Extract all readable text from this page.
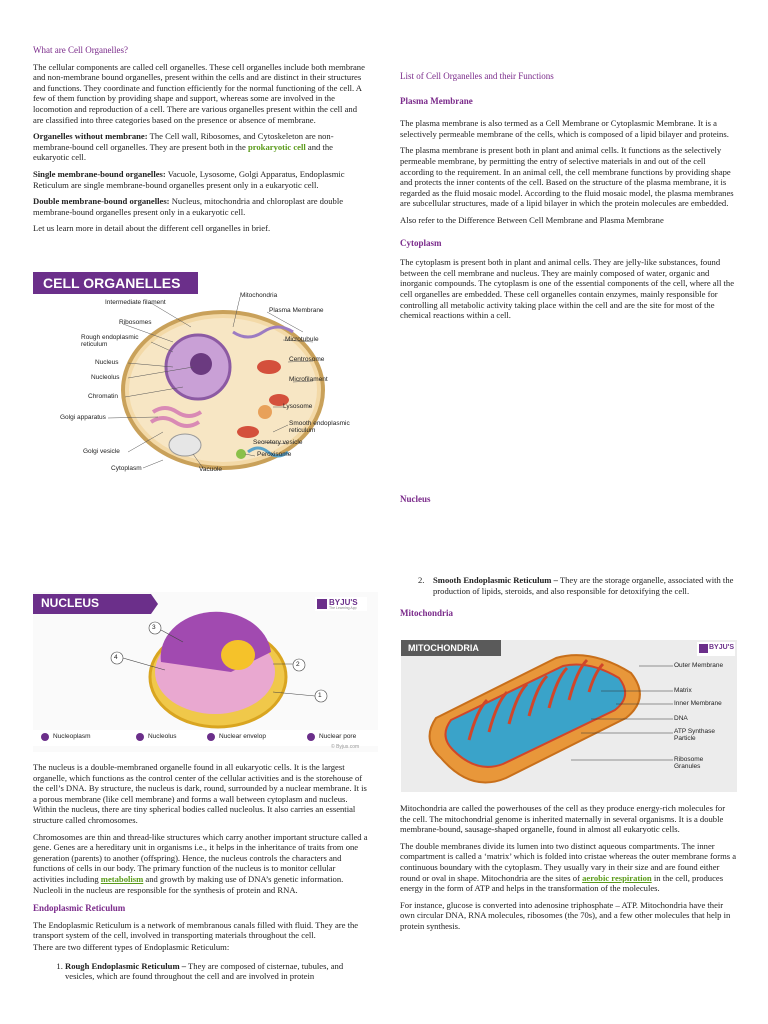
What are Cell Organelles?

The cellular components are called cell organelles. These cell organelles include both membrane and non-membrane bound organelles, present within the cells and are distinct in their structures and functions. They coordinate and function efficiently for the normal functioning of the cell. A few of them function by providing shape and support, whereas some are involved in the locomotion and reproduction of a cell. There are various organelles present within the cell and are classified into three categories based on the presence or absence of membrane.

Organelles without membrane: The Cell wall, Ribosomes, and Cytoskeleton are non-membrane-bound cell organelles. They are present both in the prokaryotic cell and the eukaryotic cell.

Single membrane-bound organelles: Vacuole, Lysosome, Golgi Apparatus, Endoplasmic Reticulum are single membrane-bound organelles present only in a eukaryotic cell.

Double membrane-bound organelles: Nucleus, mitochondria and chloroplast are double membrane-bound organelles present only in a eukaryotic cell.

Let us learn more in detail about the different cell organelles in brief.

CELL ORGANELLES
Intermediate filament
Ribosomes
Rough endoplasmic reticulum
Nucleus
Nucleolus
Chromatin
Golgi apparatus
Golgi vesicle
Cytoplasm	Vacuole
Mitochondria
Plasma Membrane
Microtubule
Centrosome
Microfilament
Lysosome
Smooth endoplasmic reticulum
Secretory vesicle
Peroxisome
NUCLEUS	BYJU'S
The Learning App
3
4
2
1
Nucleoplasm	Nucleolus	Nuclear envelop	Nuclear pore
© Byjus.com

The nucleus is a double-membraned organelle found in all eukaryotic cells. It is the largest organelle, which functions as the control center of the cellular activities and is the storehouse of the cell’s DNA. By structure, the nucleus is dark, round, surrounded by a nuclear membrane. It is a porous membrane (like cell membrane) and forms a wall between cytoplasm and nucleus. Within the nucleus, there are tiny spherical bodies called nucleolus. It also carries an essential structure called chromosomes.

Chromosomes are thin and thread-like structures which carry another important structure called a gene. Genes are a hereditary unit in organisms i.e., it helps in the inheritance of traits from one generation (parents) to another (offspring). Hence, the nucleus controls the characters and functions of cells in our body. The primary function of the nucleus is to monitor cellular activities including metabolism and growth by making use of DNA’s genetic information. Nucleoli in the nucleus are responsible for the synthesis of protein and RNA.

Endoplasmic Reticulum

The Endoplasmic Reticulum is a network of membranous canals filled with fluid. They are the transport system of the cell, involved in transporting materials throughout the cell.

There are two different types of Endoplasmic Reticulum:

1. Rough Endoplasmic Reticulum – They are composed of cisternae, tubules, and vesicles, which are found throughout the cell and are involved in protein

List of Cell Organelles and their Functions

Plasma Membrane

The plasma membrane is also termed as a Cell Membrane or Cytoplasmic Membrane. It is a selectively permeable membrane of the cells, which is composed of a lipid bilayer and proteins.

The plasma membrane is present both in plant and animal cells. It functions as the selectively permeable membrane, by permitting the entry of selective materials in and out of the cell according to the requirement. In an animal cell, the cell membrane functions by providing shape and protects the inner contents of the cell. Based on the structure of the plasma membrane, it is regarded as the fluid mosaic model. According to the fluid mosaic model, the plasma membranes are subcellular structures, made of a lipid bilayer in which the protein molecules are embedded.

Also refer to the Difference Between Cell Membrane and Plasma Membrane

Cytoplasm

The cytoplasm is present both in plant and animal cells. They are jelly-like substances, found between the cell membrane and nucleus. They are mainly composed of water, organic and inorganic compounds. The cytoplasm is one of the essential components of the cell, where all the cell organelles are embedded. These cell organelles contain enzymes, mainly responsible for controlling all metabolic activity taking place within the cell and are the site for most of the chemical reactions within a cell.

Nucleus

2. Smooth Endoplasmic Reticulum – They are the storage organelle, associated with the production of lipids, steroids, and also responsible for detoxifying the cell.

Mitochondria

MITOCHONDRIA	BYJU'S
Outer Membrane
Matrix
Inner Membrane
DNA
ATP Synthase Particle
Ribosome Granules

Mitochondria are called the powerhouses of the cell as they produce energy-rich molecules for the cell. The mitochondrial genome is inherited maternally in several organisms. It is a double membrane-bound, sausage-shaped organelle, found in almost all eukaryotic cells.

The double membranes divide its lumen into two distinct aqueous compartments. The inner compartment is called a ‘matrix’ which is folded into cristae whereas the outer membrane forms a continuous boundary with the cytoplasm. They usually vary in their size and are found either round or oval in shape. Mitochondria are the sites of aerobic respiration in the cell, produces energy in the form of ATP and helps in the transformation of the molecules.

For instance, glucose is converted into adenosine triphosphate – ATP. Mitochondria have their own circular DNA, RNA molecules, ribosomes (the 70s), and a few other molecules that help in protein synthesis.
